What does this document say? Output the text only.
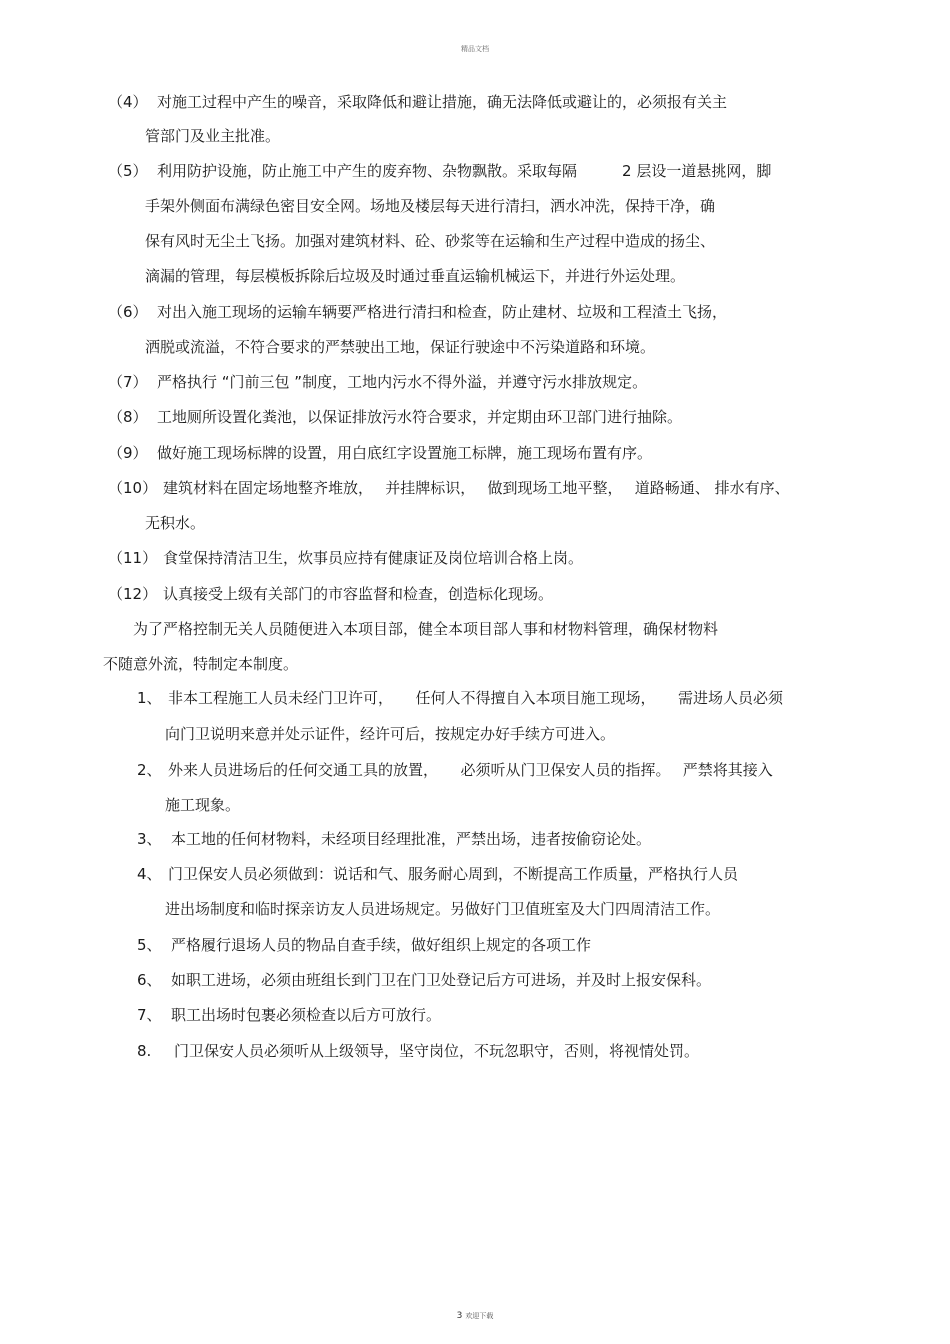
精品文档
（4） 对施工过程中产生的噪音，采取降低和避让措施，确无法降低或避让的，必须报有关主
管部门及业主批准。
（5） 利用防护设施，防止施工中产生的废弃物、杂物飘散。采取每隔　　　2 层设一道悬挑网，脚
手架外侧面布满绿色密目安全网。场地及楼层每天进行清扫，洒水冲洗，保持干净，确
保有风时无尘土飞扬。加强对建筑材料、砼、砂浆等在运输和生产过程中造成的扬尘、
滴漏的管理，每层模板拆除后垃圾及时通过垂直运输机械运下，并进行外运处理。
（6） 对出入施工现场的运输车辆要严格进行清扫和检查，防止建材、垃圾和工程渣土飞扬，
洒脱或流溢，不符合要求的严禁驶出工地，保证行驶途中不污染道路和环境。
（7） 严格执行 “门前三包 ”制度，工地内污水不得外溢，并遵守污水排放规定。
（8） 工地厕所设置化粪池，以保证排放污水符合要求，并定期由环卫部门进行抽除。
（9） 做好施工现场标牌的设置，用白底红字设置施工标牌，施工现场布置有序。
（10） 建筑材料在固定场地整齐堆放，　 并挂牌标识，　 做到现场工地平整，　 道路畅通、 排水有序、
无积水。
（11） 食堂保持清洁卫生，炊事员应持有健康证及岗位培训合格上岗。
（12） 认真接受上级有关部门的市容监督和检查，创造标化现场。
为了严格控制无关人员随便进入本项目部，健全本项目部人事和材物料管理，确保材物料
不随意外流，特制定本制度。
1、 非本工程施工人员未经门卫许可，　　任何人不得擅自入本项目施工现场，　　需进场人员必须
向门卫说明来意并处示证件，经许可后，按规定办好手续方可进入。
2、 外来人员进场后的任何交通工具的放置，　　必须听从门卫保安人员的指挥。　 严禁将其接入
施工现象。
3、 本工地的任何材物料，未经项目经理批准，严禁出场，违者按偷窃论处。
4、 门卫保安人员必须做到：说话和气、服务耐心周到，不断提高工作质量，严格执行人员
进出场制度和临时探亲访友人员进场规定。另做好门卫值班室及大门四周清洁工作。
5、 严格履行退场人员的物品自查手续，做好组织上规定的各项工作
6、 如职工进场，必须由班组长到门卫在门卫处登记后方可进场，并及时上报安保科。
7、 职工出场时包裹必须检查以后方可放行。
8. 门卫保安人员必须听从上级领导，坚守岗位，不玩忽职守，否则，将视情处罚。
3 欢迎下载
